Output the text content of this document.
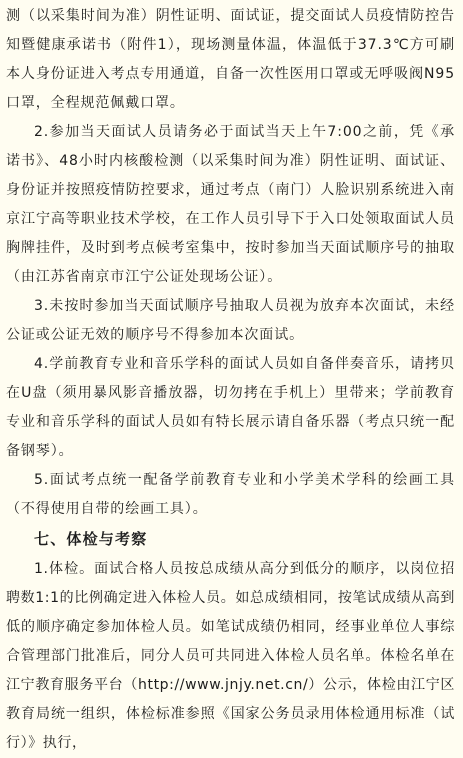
测（以采集时间为准）阴性证明、面试证，提交面试人员疫情防控告知暨健康承诺书（附件1），现场测量体温，体温低于37.3℃方可刷本人身份证进入考点专用通道，自备一次性医用口罩或无呼吸阀N95口罩，全程规范佩戴口罩。

2.参加当天面试人员请务必于面试当天上午7:00之前，凭《承诺书》、48小时内核酸检测（以采集时间为准）阴性证明、面试证、身份证并按照疫情防控要求，通过考点（南门）人脸识别系统进入南京江宁高等职业技术学校，在工作人员引导下于入口处领取面试人员胸牌挂件，及时到考点候考室集中，按时参加当天面试顺序号的抽取（由江苏省南京市江宁公证处现场公证）。

3.未按时参加当天面试顺序号抽取人员视为放弃本次面试，未经公证或公证无效的顺序号不得参加本次面试。

4.学前教育专业和音乐学科的面试人员如自备伴奏音乐，请拷贝在U盘（须用暴风影音播放器，切勿拷在手机上）里带来；学前教育专业和音乐学科的面试人员如有特长展示请自备乐器（考点只统一配备钢琴）。

5.面试考点统一配备学前教育专业和小学美术学科的绘画工具（不得使用自带的绘画工具）。

七、体检与考察

1.体检。面试合格人员按总成绩从高分到低分的顺序，以岗位招聘数1:1的比例确定进入体检人员。如总成绩相同，按笔试成绩从高到低的顺序确定参加体检人员。如笔试成绩仍相同，经事业单位人事综合管理部门批准后，同分人员可共同进入体检人员名单。体检名单在江宁教育服务平台（http://www.jnjy.net.cn/）公示，体检由江宁区教育局统一组织，体检标准参照《国家公务员录用体检通用标准（试行）》执行，
